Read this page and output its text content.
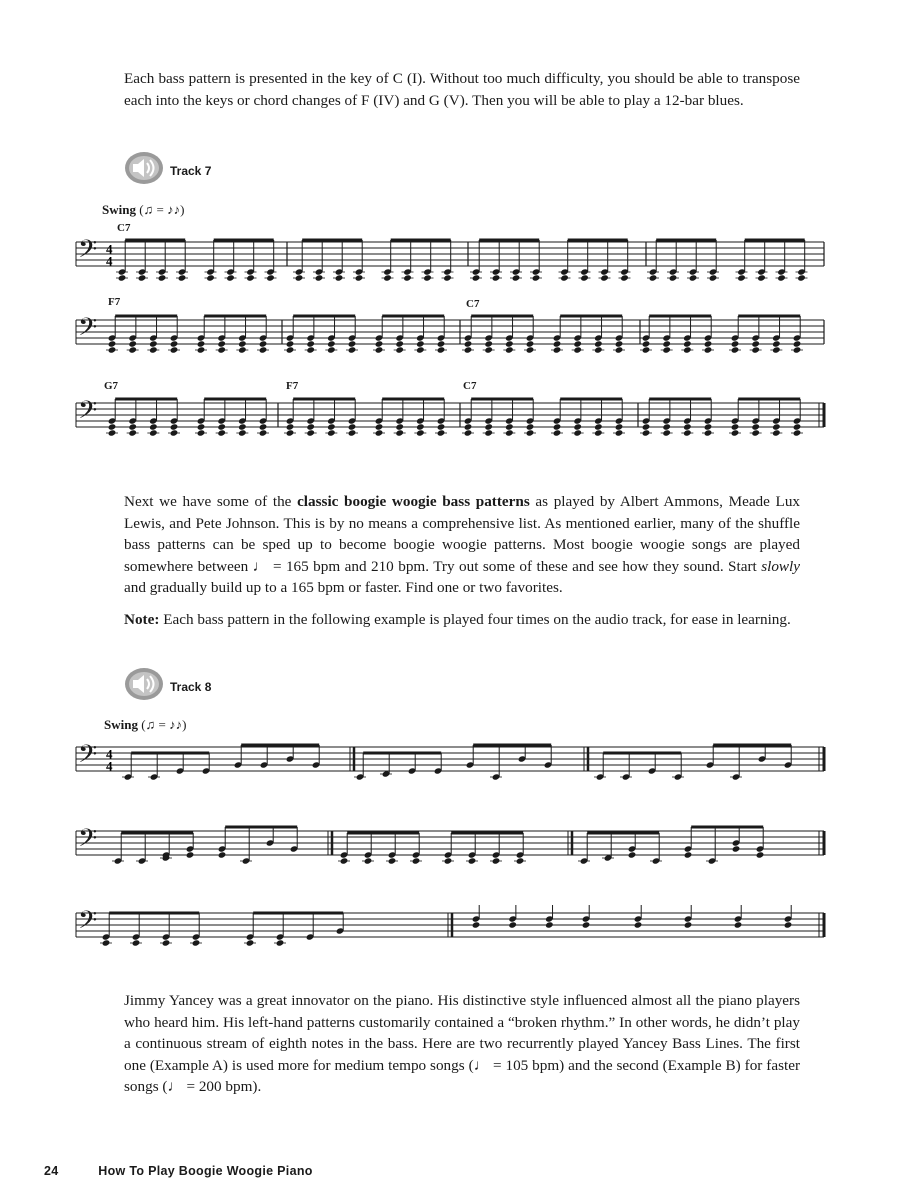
Each bass pattern is presented in the key of C (I). Without too much difficulty, you should be able to transpose each into the keys or chord changes of F (IV) and G (V). Then you will be able to play a 12-bar blues.

Track 7
Swing (♫ = ♪♪)
C7
F7	C7
G7	F7	C7
𝄢 4
4
𝄢
𝄢

Next we have some of the classic boogie woogie bass patterns as played by Albert Ammons, Meade Lux Lewis, and Pete Johnson. This is by no means a comprehensive list. As mentioned earlier, many of the shuffle bass patterns can be sped up to become boogie woogie patterns. Most boogie woogie songs are played somewhere between ♩ = 165 bpm and 210 bpm. Try out some of these and see how they sound. Start slowly and gradually build up to a 165 bpm or faster. Find one or two favorites.

Note: Each bass pattern in the following example is played four times on the audio track, for ease in learning.

Track 8
Swing (♫ = ♪♪)
𝄢 4
4
𝄢
𝄢

Jimmy Yancey was a great innovator on the piano. His distinctive style influenced almost all the piano players who heard him. His left-hand patterns customarily contained a “broken rhythm.” In other words, he didn’t play a continuous stream of eighth notes in the bass. Here are two recurrently played Yancey Bass Lines. The first one (Example A) is used more for medium tempo songs (♩ = 105 bpm) and the second (Example B) for faster songs (♩ = 200 bpm).

24	How To Play Boogie Woogie Piano
